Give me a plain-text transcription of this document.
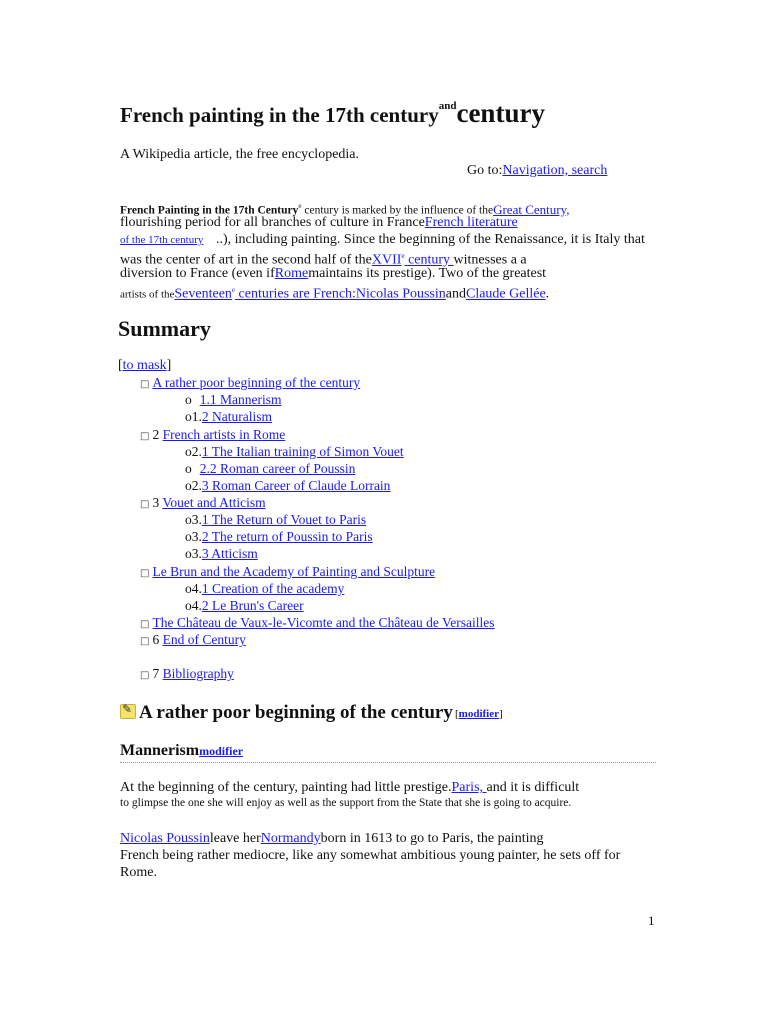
French painting in the 17th century$^{and}$century
A Wikipedia article, the free encyclopedia.
Go to:Navigation, search
French Painting in the 17th Century$^e$ century is marked by the influence of theGreat Century,
flourishing period for all branches of culture in FranceFrench literature
of the 17th century ..), including painting. Since the beginning of the Renaissance, it is Italy that
was the center of art in the second half of theXVII$^e$ century witnesses a a
diversion to France (even ifRomemaintains its prestige). Two of the greatest
artists of theSeventeen$^e$ centuries are French:Nicolas PoussinandClaude Gellée.
Summary
[to mask]
□ A rather poor beginning of the century
o 1.1 Mannerism
o1.2 Naturalism
□ 2 French artists in Rome
o2.1 The Italian training of Simon Vouet
o 2.2 Roman career of Poussin
o2.3 Roman Career of Claude Lorrain
□ 3 Vouet and Atticism
o3.1 The Return of Vouet to Paris
o3.2 The return of Poussin to Paris
o3.3 Atticism
□ Le Brun and the Academy of Painting and Sculpture
o4.1 Creation of the academy
o4.2 Le Brun's Career
□ The Château de Vaux-le-Vicomte and the Château de Versailles
□ 6 End of Century
□ 7 Bibliography
✎A rather poor beginning of the century [modifier]
Mannerismmodifier
At the beginning of the century, painting had little prestige.Paris, and it is difficult
to glimpse the one she will enjoy as well as the support from the State that she is going to acquire.
Nicolas Poussinleave herNormandyborn in 1613 to go to Paris, the painting
French being rather mediocre, like any somewhat ambitious young painter, he sets off for
Rome.
1
